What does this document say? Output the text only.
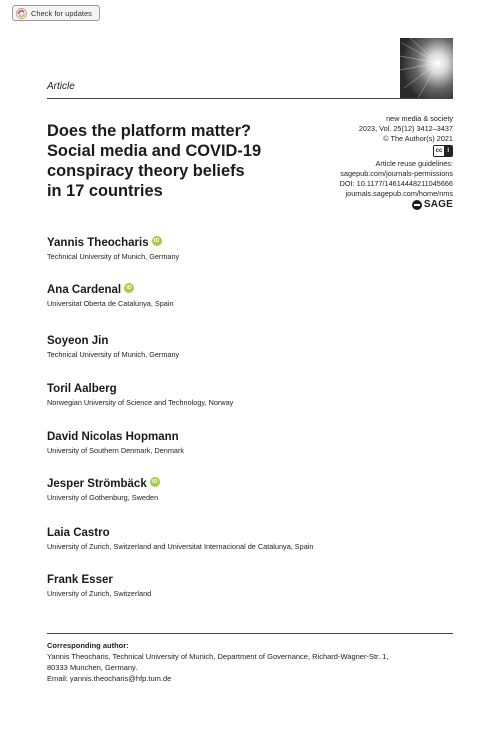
Check for updates
Article
Does the platform matter?
Social media and COVID-19
conspiracy theory beliefs
in 17 countries
new media & society
2023, Vol. 25(12) 3412–3437
© The Author(s) 2021
cc i
Article reuse guidelines:
sagepub.com/journals-permissions
DOI: 10.1177/14614448211045666
journals.sagepub.com/home/nms
SAGE
Yannis Theocharis iD
Technical University of Munich, Germany
Ana Cardenal iD
Universitat Oberta de Catalunya, Spain
Soyeon Jin
Technical University of Munich, Germany
Toril Aalberg
Norwegian University of Science and Technology, Norway
David Nicolas Hopmann
University of Southern Denmark, Denmark
Jesper Strömbäck iD
University of Gothenburg, Sweden
Laia Castro
University of Zurich, Switzerland and Universitat Internacional de Catalunya, Spain
Frank Esser
University of Zurich, Switzerland
Corresponding author:
Yannis Theocharis, Technical University of Munich, Department of Governance, Richard-Wagner-Str. 1,
80333 Munchen, Germany.
Email: yannis.theocharis@hfp.tum.de
